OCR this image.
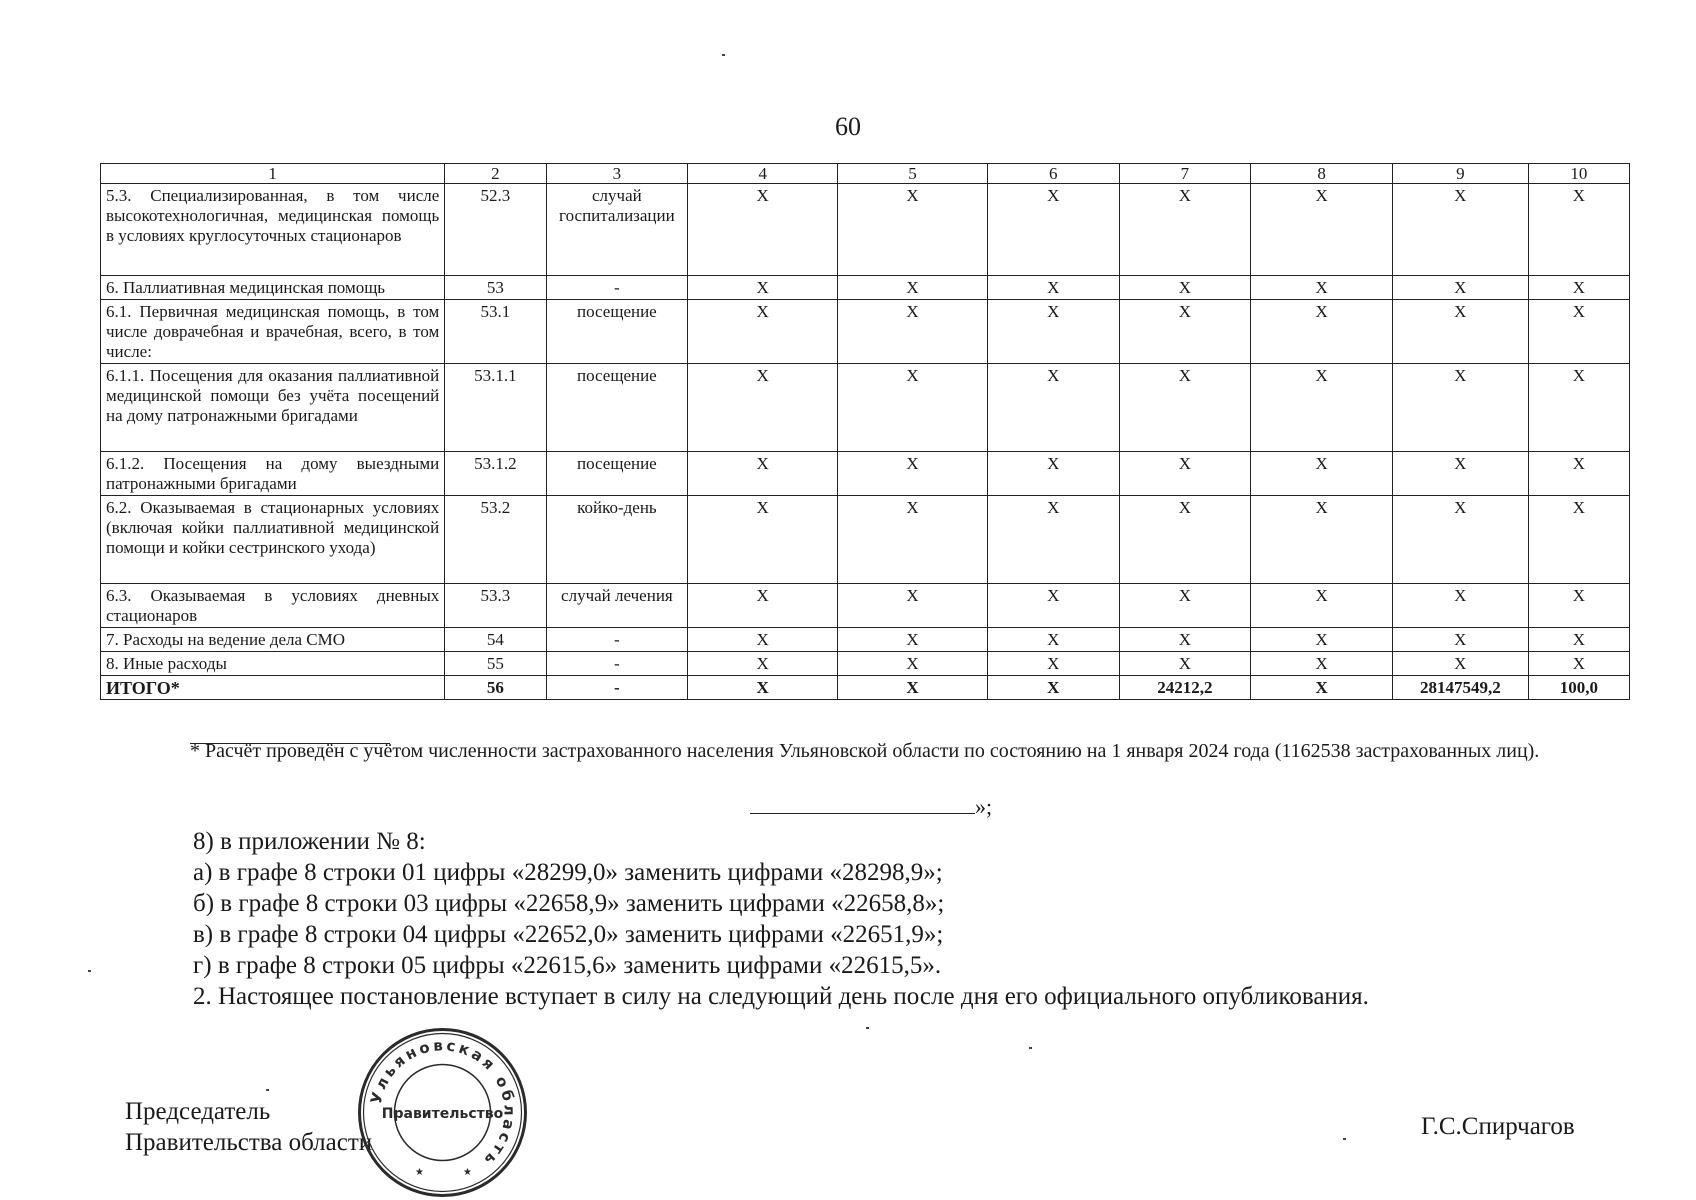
60
1	2	3	4	5	6	7	8	9	10
5.3. Специализированная, в том числе высокотехнологичная, медицинская помощь в условиях круглосуточных стационаров	52.3	случай госпитализации	Х	Х	Х	Х	Х	Х	Х
6. Паллиативная медицинская помощь	53	-	Х	Х	Х	Х	Х	Х	Х
6.1. Первичная медицинская помощь, в том числе доврачебная и врачебная, всего, в том числе:	53.1	посещение	Х	Х	Х	Х	Х	Х	Х
6.1.1. Посещения для оказания паллиативной медицинской помощи без учёта посещений на дому патронажными бригадами	53.1.1	посещение	Х	Х	Х	Х	Х	Х	Х
6.1.2. Посещения на дому выездными патронажными бригадами	53.1.2	посещение	Х	Х	Х	Х	Х	Х	Х
6.2. Оказываемая в стационарных условиях (включая койки паллиативной медицинской помощи и койки сестринского ухода)	53.2	койко-день	Х	Х	Х	Х	Х	Х	Х
6.3. Оказываемая в условиях дневных стационаров	53.3	случай лечения	Х	Х	Х	Х	Х	Х	Х
7. Расходы на ведение дела СМО	54	-	Х	Х	Х	Х	Х	Х	Х
8. Иные расходы	55	-	Х	Х	Х	Х	Х	Х	Х
ИТОГО*	56	-	Х	Х	Х	24212,2	Х	28147549,2	100,0
* Расчёт проведён с учётом численности застрахованного населения Ульяновской области по состоянию на 1 января 2024 года (1162538 застрахованных лиц).
»;
8) в приложении № 8:
а) в графе 8 строки 01 цифры «28299,0» заменить цифрами «28298,9»;
б) в графе 8 строки 03 цифры «22658,9» заменить цифрами «22658,8»;
в) в графе 8 строки 04 цифры «22652,0» заменить цифрами «22651,9»;
г) в графе 8 строки 05 цифры «22615,6» заменить цифрами «22615,5».
2. Настоящее постановление вступает в силу на следующий день после дня его официального опубликования.
Председатель
Правительства области
Г.С.Спирчагов
Ульяновская область
Правительство
★	★
